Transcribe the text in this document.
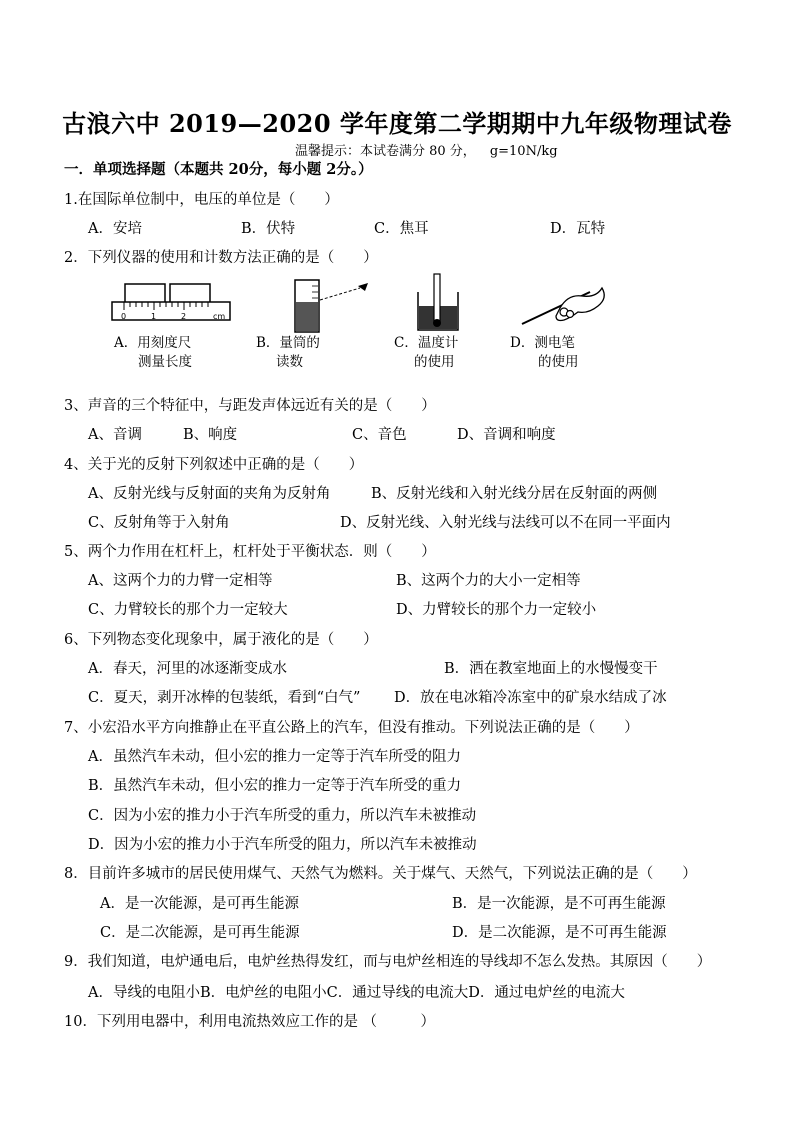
古浪六中 2019—2020 学年度第二学期期中九年级物理试卷
温馨提示：本试卷满分 80 分， g=10N/kg
一．单项选择题（本题共 20分，每小题 2分。）
1.在国际单位制中，电压的单位是（　　）
A．安培	B．伏特	C．焦耳	D．瓦特
2．下列仪器的使用和计数方法正确的是（　　）
0	1	2	cm
A．用刻度尺
测量长度
B．量筒的
读数
C．温度计
的使用
D．测电笔
的使用
3、声音的三个特征中，与距发声体远近有关的是（　　）
A、音调	B、响度	C、音色	D、音调和响度
4、关于光的反射下列叙述中正确的是（　　）
A、反射光线与反射面的夹角为反射角	B、反射光线和入射光线分居在反射面的两侧
C、反射角等于入射角	D、反射光线、入射光线与法线可以不在同一平面内
5、两个力作用在杠杆上，杠杆处于平衡状态．则（　　）
A、这两个力的力臂一定相等	B、这两个力的大小一定相等
C、力臂较长的那个力一定较大	D、力臂较长的那个力一定较小
6、下列物态变化现象中，属于液化的是（　　）
A．春天，河里的冰逐渐变成水	B．洒在教室地面上的水慢慢变干
C．夏天，剥开冰棒的包装纸，看到“白气” D．放在电冰箱冷冻室中的矿泉水结成了冰
7、小宏沿水平方向推静止在平直公路上的汽车，但没有推动。下列说法正确的是（　　）
A．虽然汽车未动，但小宏的推力一定等于汽车所受的阻力
B．虽然汽车未动，但小宏的推力一定等于汽车所受的重力
C．因为小宏的推力小于汽车所受的重力，所以汽车未被推动
D．因为小宏的推力小于汽车所受的阻力，所以汽车未被推动
8．目前许多城市的居民使用煤气、天然气为燃料。关于煤气、天然气，下列说法正确的是（　　）
A．是一次能源，是可再生能源	B．是一次能源，是不可再生能源
C．是二次能源，是可再生能源	D．是二次能源，是不可再生能源
9．我们知道，电炉通电后，电炉丝热得发红，而与电炉丝相连的导线却不怎么发热。其原因（　　）
A．导线的电阻小B．电炉丝的电阻小C．通过导线的电流大D．通过电炉丝的电流大
10．下列用电器中，利用电流热效应工作的是 （　　　）
